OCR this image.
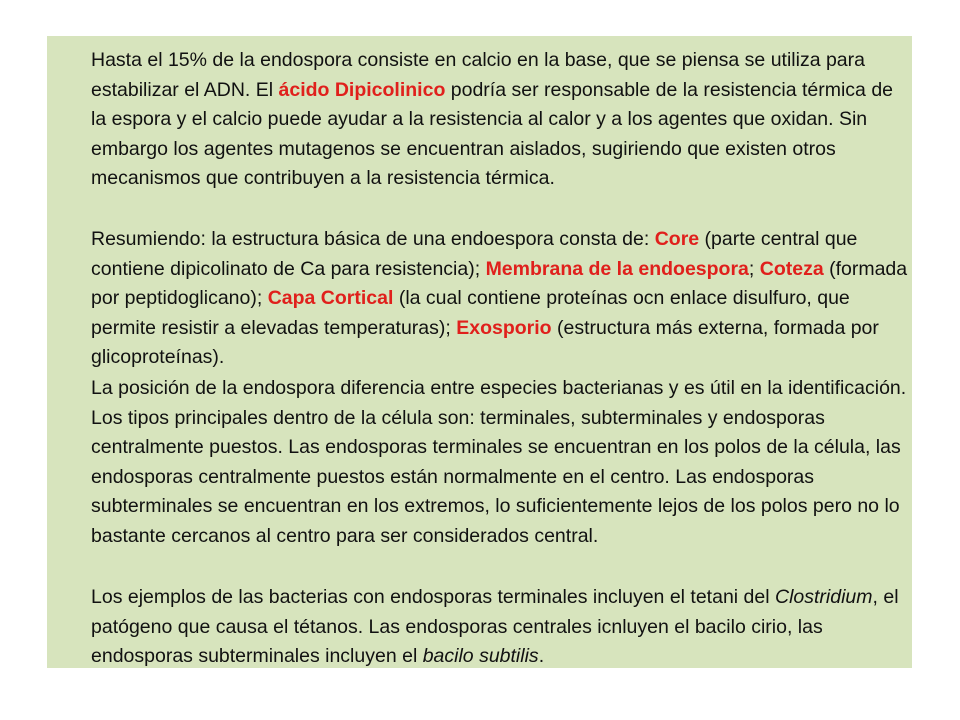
Hasta el 15% de la endospora consiste en calcio en la base, que se piensa se utiliza para estabilizar el ADN. El ácido Dipicolinico podría ser responsable de la resistencia térmica de la espora y el calcio puede ayudar a la resistencia al calor y a los agentes que oxidan. Sin embargo los agentes mutagenos se encuentran aislados, sugiriendo que existen otros mecanismos que contribuyen a la resistencia térmica.

Resumiendo: la estructura básica de una endoespora consta de: Core (parte central que contiene dipicolinato de Ca para resistencia); Membrana de la endoespora; Coteza (formada por peptidoglicano); Capa Cortical (la cual contiene proteínas ocn enlace disulfuro, que permite resistir a elevadas temperaturas); Exosporio (estructura más externa, formada por glicoproteínas).

La posición de la endospora diferencia entre especies bacterianas y es útil en la identificación. Los tipos principales dentro de la célula son: terminales, subterminales y endosporas centralmente puestos. Las endosporas terminales se encuentran en los polos de la célula, las endosporas centralmente puestos están normalmente en el centro. Las endosporas subterminales se encuentran en los extremos, lo suficientemente lejos de los polos pero no lo bastante cercanos al centro para ser considerados central.

Los ejemplos de las bacterias con endosporas terminales incluyen el tetani del Clostridium, el patógeno que causa el tétanos. Las endosporas centrales icnluyen el bacilo cirio, las endosporas subterminales incluyen el bacilo subtilis.
